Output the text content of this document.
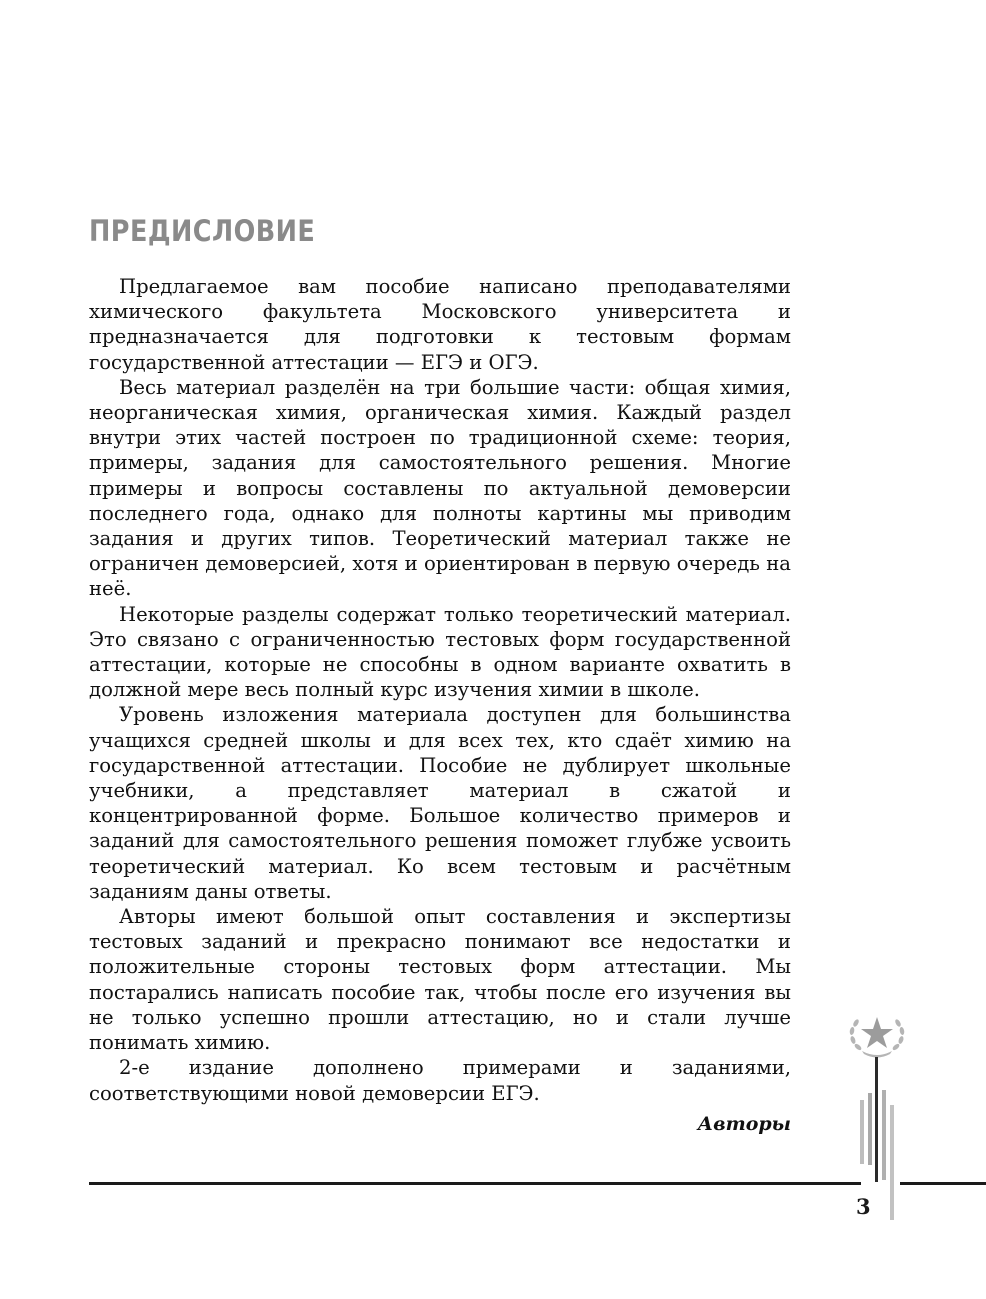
ПРЕДИСЛОВИЕ

Предлагаемое вам пособие написано преподавателями химического факультета Московского университета и предназначается для подготовки к тестовым формам государственной аттестации — ЕГЭ и ОГЭ.

Весь материал разделён на три большие части: общая химия, неорганическая химия, органическая химия. Каждый раздел внутри этих частей построен по традиционной схеме: теория, примеры, задания для самостоятельного решения. Многие примеры и вопросы составлены по актуальной демоверсии последнего года, однако для полноты картины мы приводим задания и других типов. Теоретический материал также не ограничен демоверсией, хотя и ориентирован в первую очередь на неё.

Некоторые разделы содержат только теоретический материал. Это связано с ограниченностью тестовых форм государственной аттестации, которые не способны в одном варианте охватить в должной мере весь полный курс изучения химии в школе.

Уровень изложения материала доступен для большинства учащихся средней школы и для всех тех, кто сдаёт химию на государственной аттестации. Пособие не дублирует школьные учебники, а представляет материал в сжатой и концентрированной форме. Большое количество примеров и заданий для самостоятельного решения поможет глубже усвоить теоретический материал. Ко всем тестовым и расчётным заданиям даны ответы.

Авторы имеют большой опыт составления и экспертизы тестовых заданий и прекрасно понимают все недостатки и положительные стороны тестовых форм аттестации. Мы постарались написать пособие так, чтобы после его изучения вы не только успешно прошли аттестацию, но и стали лучше понимать химию.

2-е издание дополнено примерами и заданиями, соответствующими новой демоверсии ЕГЭ.

Авторы

3
